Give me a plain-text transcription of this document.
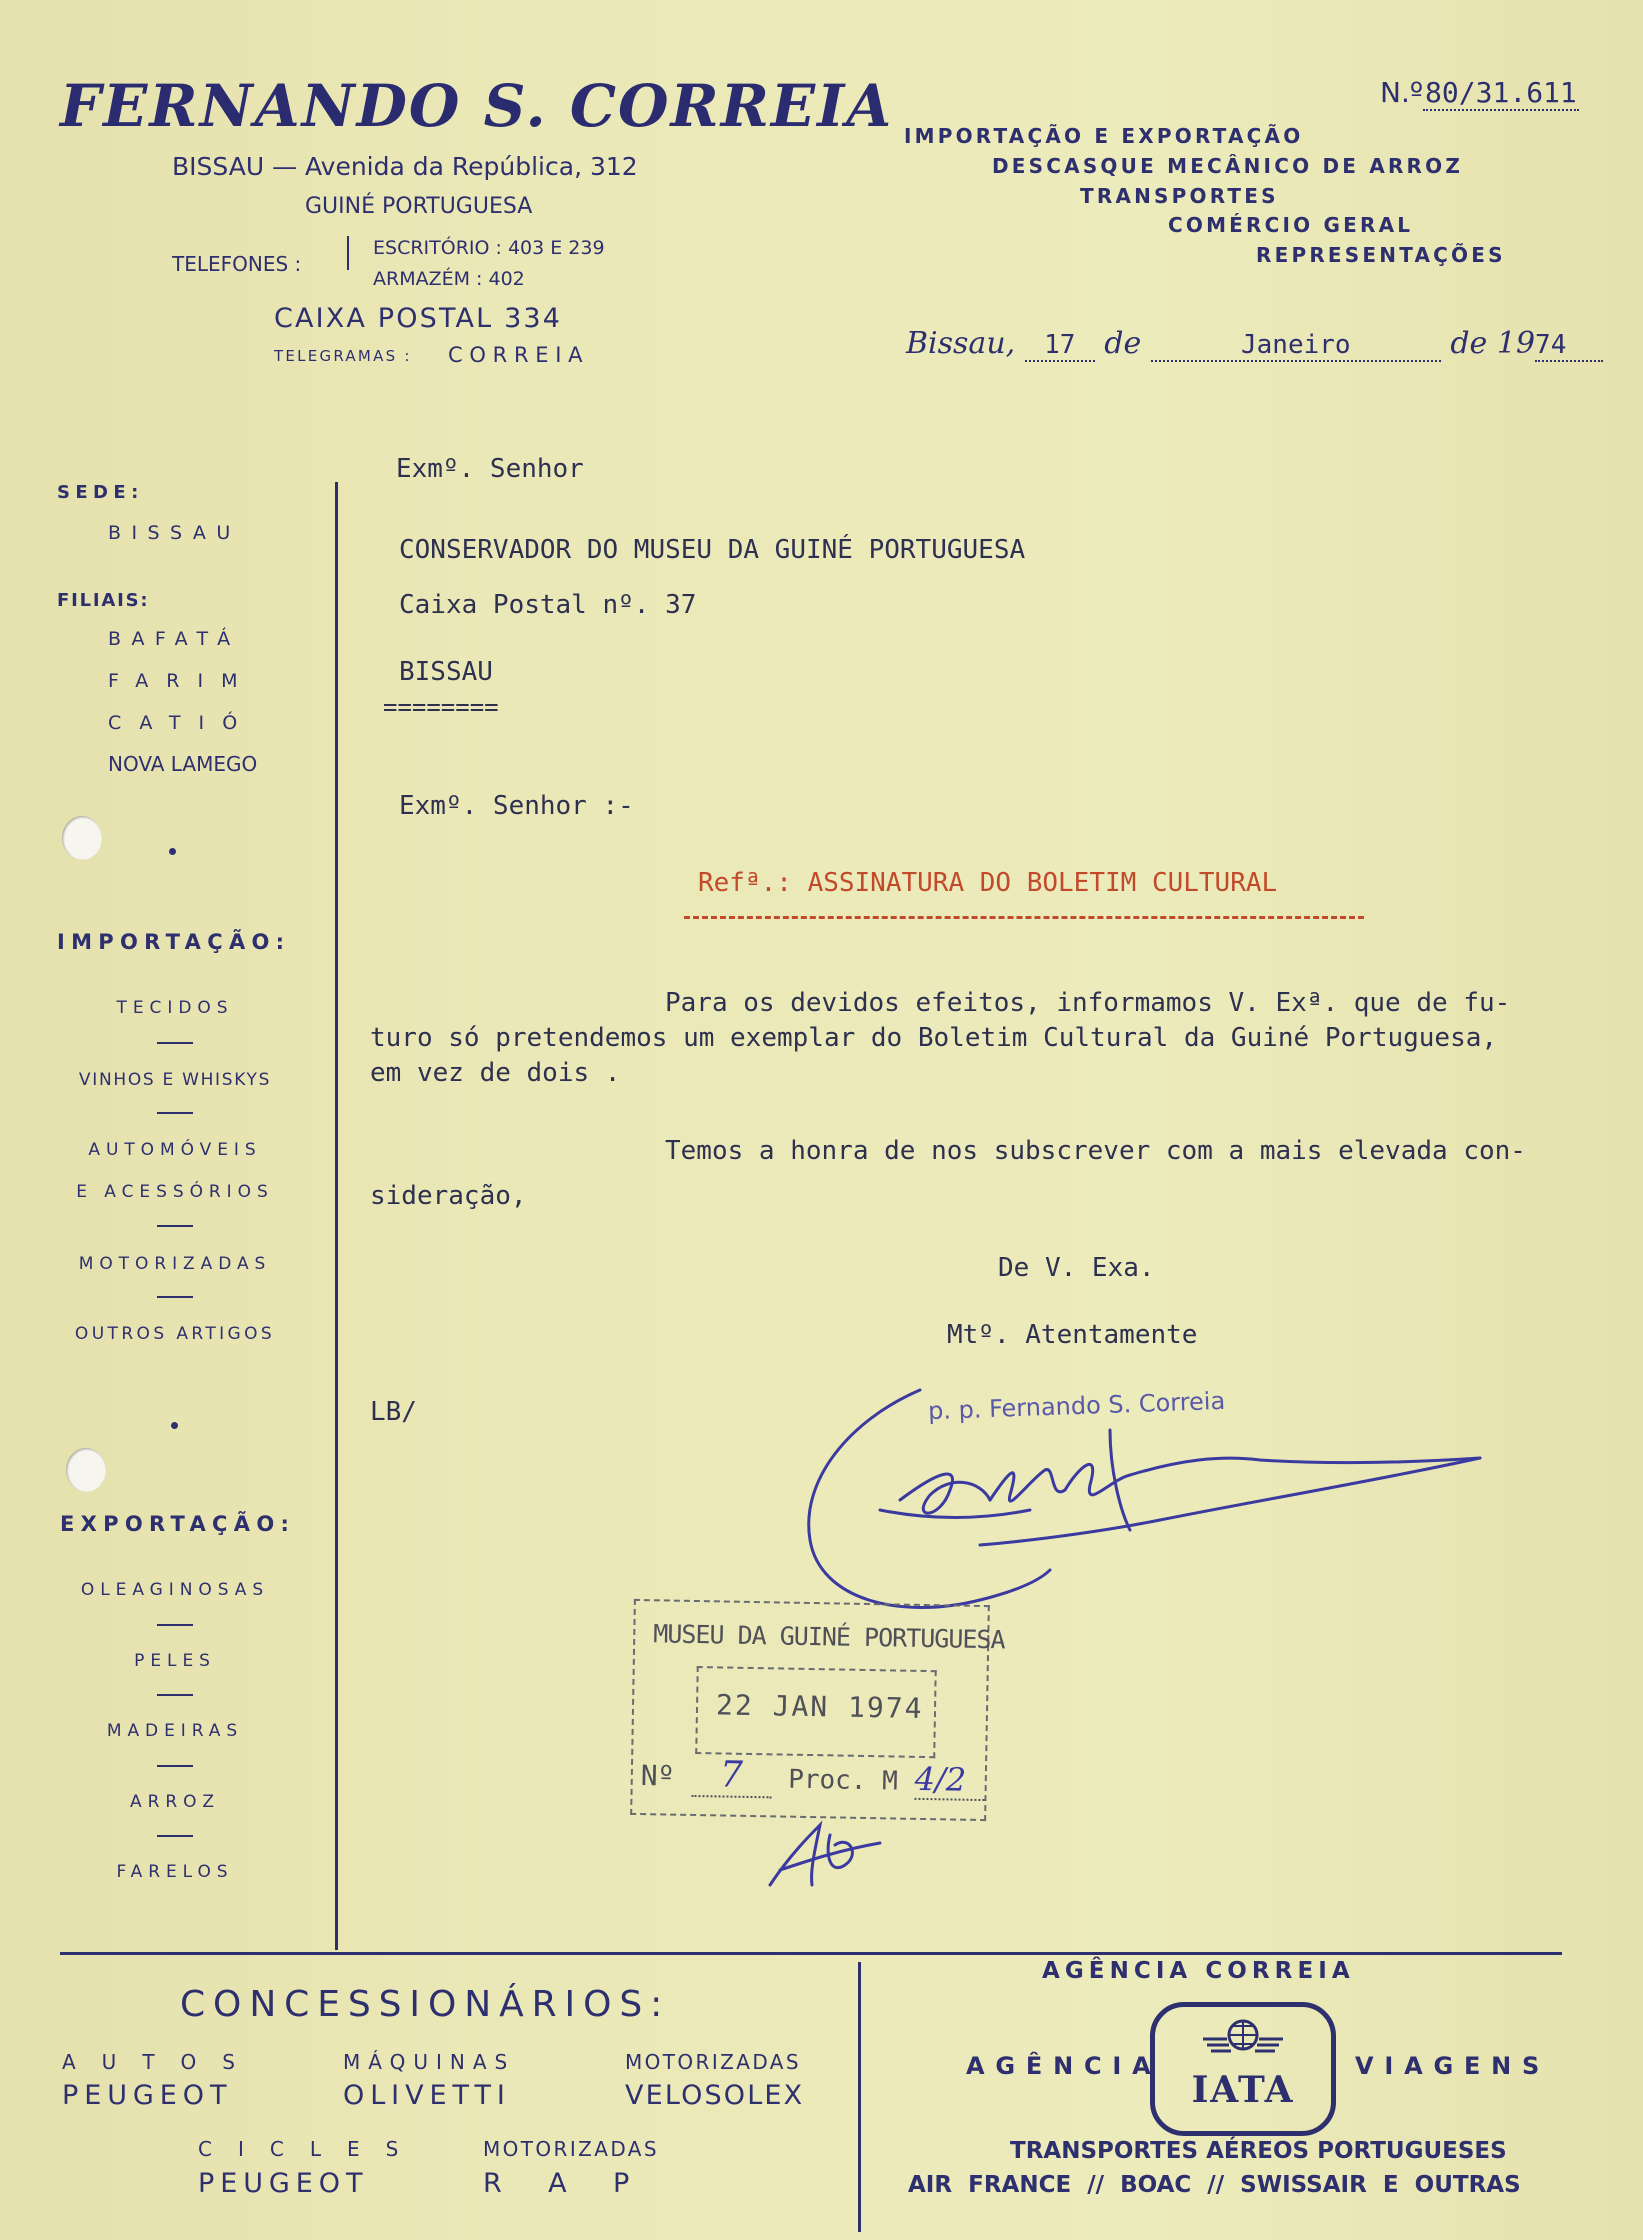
FERNANDO S. CORREIA
BISSAU — Avenida da República, 312
GUINÉ PORTUGUESA
TELEFONES :
ESCRITÓRIO : 403 E 239
ARMAZÉM : 402
CAIXA POSTAL 334
TELEGRAMAS : CORREIA
N.º80/31.611
IMPORTAÇÃO E EXPORTAÇÃO
DESCASQUE MECÂNICO DE ARROZ
TRANSPORTES
COMÉRCIO GERAL
REPRESENTAÇÕES
Bissau, 17 de	Janeiro	de 1974
SEDE:
BISSAU
FILIAIS:
BAFATÁ
FARIM
CATIÓ
NOVA LAMEGO
IMPORTAÇÃO:
TECIDOS
VINHOS E WHISKYS
AUTOMÓVEIS
E ACESSÓRIOS
MOTORIZADAS
OUTROS ARTIGOS
EXPORTAÇÃO:
OLEAGINOSAS
PELES
MADEIRAS
ARROZ
FARELOS
Exmº. Senhor
CONSERVADOR DO MUSEU DA GUINÉ PORTUGUESA
Caixa Postal nº. 37
BISSAU
========
Exmº. Senhor :-
Refª.: ASSINATURA DO BOLETIM CULTURAL
Para os devidos efeitos, informamos V. Exª. que de fu-
turo só pretendemos um exemplar do Boletim Cultural da Guiné Portuguesa,
em vez de dois .
Temos a honra de nos subscrever com a mais elevada con-
sideração,
De V. Exa.
Mtº. Atentamente
LB/	p. p. Fernando S. Correia
MUSEU DA GUINÉ PORTUGUESA
22 JAN 1974
Nº 7 Proc. M 4/2
CONCESSIONÁRIOS:
AUTOS
PEUGEOT
MÁQUINAS
OLIVETTI
MOTORIZADAS
VELOSOLEX
CICLES
PEUGEOT
MOTORIZADAS
R A P
AGÊNCIA CORREIA
AGÊNCIA	VIAGENS
IATA
TRANSPORTES AÉREOS PORTUGUESES
AIR FRANCE // BOAC // SWISSAIR E OUTRAS
